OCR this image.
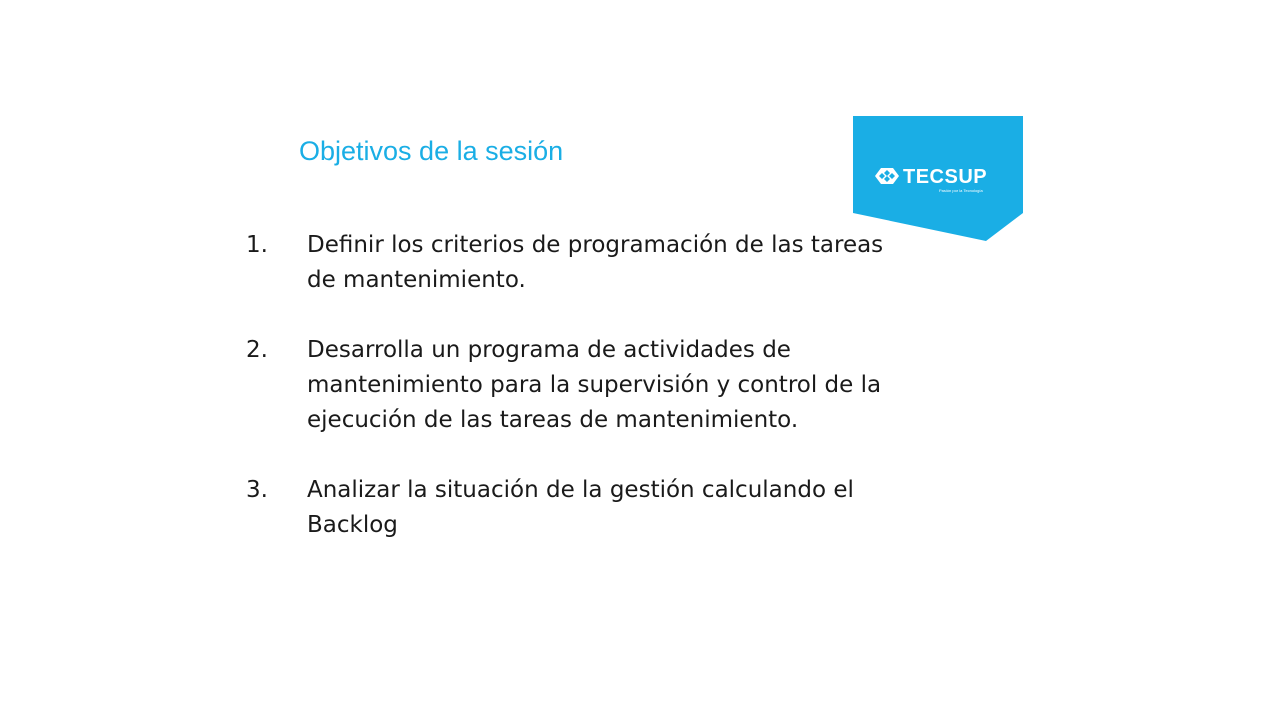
Objetivos de la sesión
TECSUP
Pasión por la Tecnología
1. Definir los criterios de programación de las tareas
de mantenimiento.
2. Desarrolla un programa de actividades de
mantenimiento para la supervisión y control de la
ejecución de las tareas de mantenimiento.
3. Analizar la situación de la gestión calculando el
Backlog
